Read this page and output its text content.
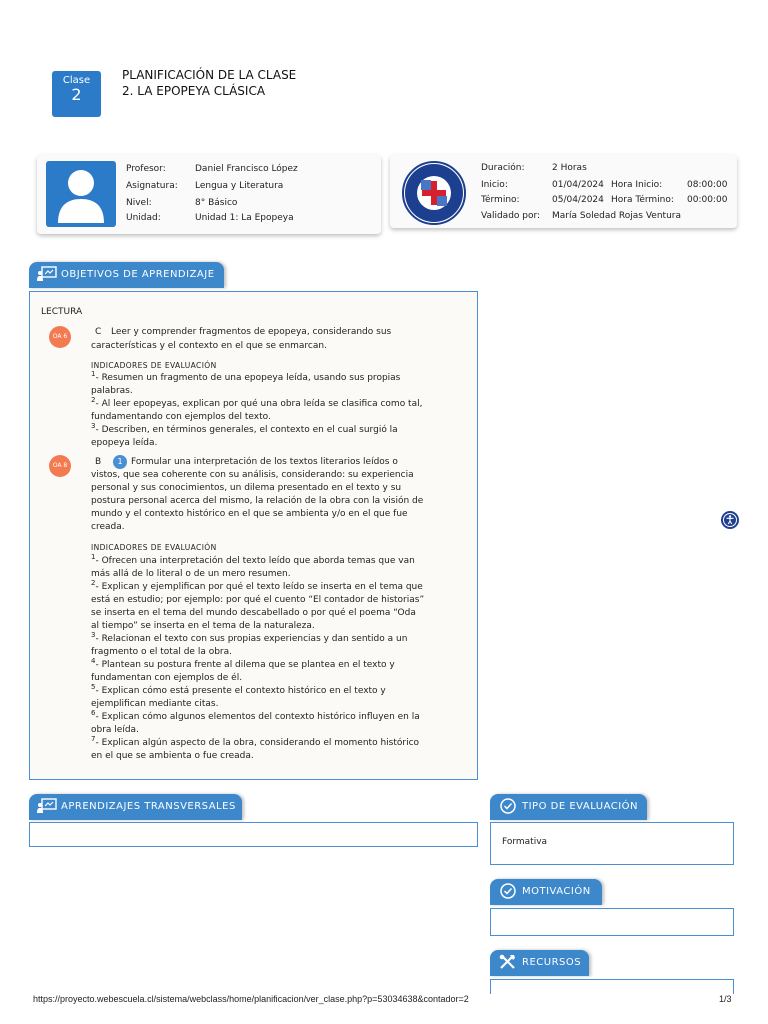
Clase
2
PLANIFICACIÓN DE LA CLASE
2. LA EPOPEYA CLÁSICA
Profesor:	Daniel Francisco López
Asignatura: Lengua y Literatura
Nivel:	8° Básico
Unidad:	Unidad 1: La Epopeya
Duración:	2 Horas
Inicio:	01/04/2024 Hora Inicio:	08:00:00
Término:	05/04/2024 Hora Término: 00:00:00
Validado por: María Soledad Rojas Ventura
OBJETIVOS DE APRENDIZAJE
LECTURA
OA 6	C Leer y comprender fragmentos de epopeya, considerando sus
características y el contexto en el que se enmarcan.
INDICADORES DE EVALUACIÓN
$^1$- Resumen un fragmento de una epopeya leída, usando sus propias
palabras.
$^2$- Al leer epopeyas, explican por qué una obra leída se clasifica como tal,
fundamentando con ejemplos del texto.
$^3$- Describen, en términos generales, el contexto en el cual surgió la
epopeya leída.
OA 8	B	1 Formular una interpretación de los textos literarios leídos o
vistos, que sea coherente con su análisis, considerando: su experiencia
personal y sus conocimientos, un dilema presentado en el texto y su
postura personal acerca del mismo, la relación de la obra con la visión de
mundo y el contexto histórico en el que se ambienta y/o en el que fue
creada.
INDICADORES DE EVALUACIÓN
$^1$- Ofrecen una interpretación del texto leído que aborda temas que van
más allá de lo literal o de un mero resumen.
$^2$- Explican y ejemplifican por qué el texto leído se inserta en el tema que
está en estudio; por ejemplo: por qué el cuento “El contador de historias”
se inserta en el tema del mundo descabellado o por qué el poema “Oda
al tiempo” se inserta en el tema de la naturaleza.
$^3$- Relacionan el texto con sus propias experiencias y dan sentido a un
fragmento o el total de la obra.
$^4$- Plantean su postura frente al dilema que se plantea en el texto y
fundamentan con ejemplos de él.
$^5$- Explican cómo está presente el contexto histórico en el texto y
ejemplifican mediante citas.
$^6$- Explican cómo algunos elementos del contexto histórico influyen en la
obra leída.
$^7$- Explican algún aspecto de la obra, considerando el momento histórico
en el que se ambienta o fue creada.
APRENDIZAJES TRANSVERSALES	TIPO DE EVALUACIÓN
Formativa
MOTIVACIÓN
RECURSOS
https://proyecto.webescuela.cl/sistema/webclass/home/planificacion/ver_clase.php?p=53034638&contador=2	1/3
